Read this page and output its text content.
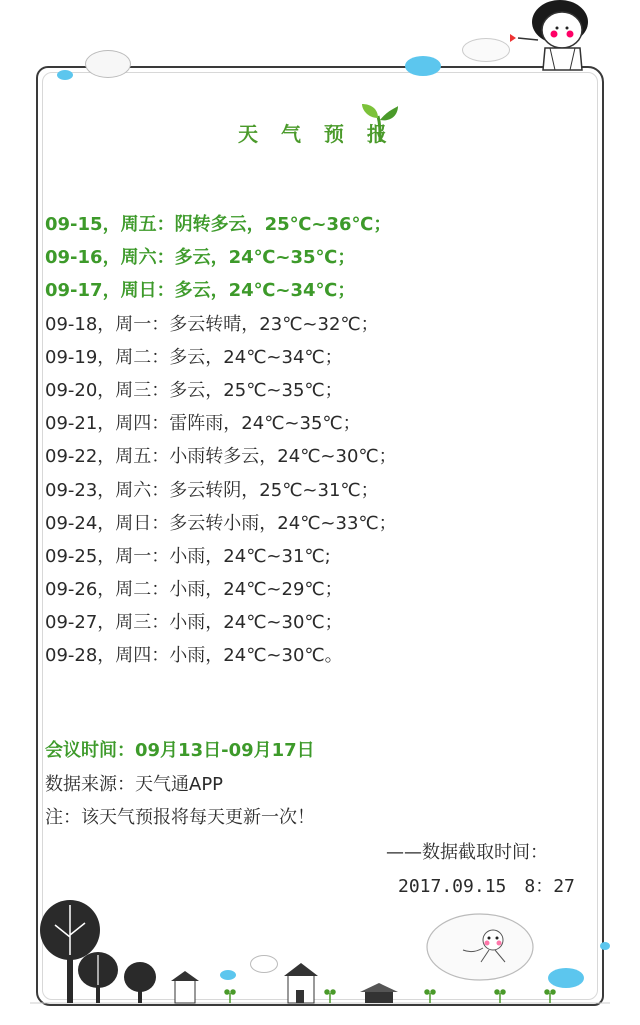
天 气 预 报
09-15，周五：阴转多云，25℃~36℃；
09-16，周六：多云，24℃~35℃；
09-17，周日：多云，24℃~34℃；
09-18，周一：多云转晴，23℃~32℃；
09-19，周二：多云，24℃~34℃；
09-20，周三：多云，25℃~35℃；
09-21，周四：雷阵雨，24℃~35℃；
09-22，周五：小雨转多云，24℃~30℃；
09-23，周六：多云转阴，25℃~31℃；
09-24，周日：多云转小雨，24℃~33℃；
09-25，周一：小雨，24℃~31℃;
09-26，周二：小雨，24℃~29℃；
09-27，周三：小雨，24℃~30℃；
09-28，周四：小雨，24℃~30℃。
会议时间：09月13日-09月17日
数据来源：天气通APP
注：该天气预报将每天更新一次！
——数据截取时间：
2017.09.15　8：27
